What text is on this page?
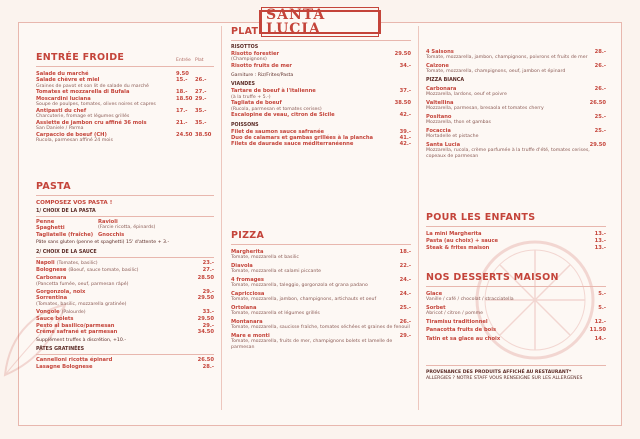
SANTA LUCIA
ENTRÉE FROIDE	Entrée Plat
Salade du marché	9.50
Salade chèvre et miel	15.-	26.-
Graines de pavot et son lit de salade du marché
Tomates et mozzarella di Bufala	18.-	27.-
Moscardini luciana	18.50 29.-
Soupe de poulpes, tomates, olives noires et capres
Antipasti du chef	17.-	35.-
Charcuterie, fromage et légumes grillés
Assiette de jambon cru affiné 36 mois	21.-	35.-
San Daniele / Parma
Carpaccio de boeuf (CH)	24.50 38.50
Rucola, parmesan affiné 24 mois
PASTA
COMPOSEZ VOS PASTA !
1/ CHOIX DE LA PASTA
Penne	Ravioli
Spaghetti	(Farcie ricotta, épinards)
Tagliatelle (fraîche) Gnocchis
Pâte sans gluten (penne et spaghetti) 15' d'attente + 3.-
2/ CHOIX DE LA SAUCE
Napoli (Tomates, basilic)	23.-
Bolognese (Boeuf, sauce tomate, basilic)	27.-
Carbonara	28.50
(Pancetta fumée, oeuf, parmesan râpé)
Gorgonzola, noix	29.-
Sorrentina	29.50
(Tomates, basilic, mozzarella gratinée)
Vongole (Palourde)	33.-
Sauce bolets	29.50
Pesto al basilico/parmesan	29.-
Crème safrané et parmesan	34.50
Supplément truffes à discrétion, +10.-
PÂTES GRATINÉES
Cannelloni ricotta épinard	26.50
Lasagne Bolognese	28.-
PLAT
RISOTTOS
Risotto forestier	29.50
(Champignons)
Risotto fruits de mer	34.-
Garniture : Riz/Frites/Pasta
VIANDES
Tartare de boeuf à l'italienne	37.-
(à la truffe + 5.-)
Tagliata de boeuf	38.50
(Rucola, parmesan et tomates cerises)
Escalopine de veau, citron de Sicile	42.-
POISSONS
Filet de saumon sauce safranée	39.-
Duo de calamars et gambas grillées à la plancha	41.-
Filets de daurade sauce méditerranéenne	42.-
PIZZA
Margherita	18.-
Tomate, mozzarella et basilic
Diavola	22.-
Tomate, mozzarella et salami piccante
4 fromages	24.-
Tomate, mozzarella, taleggio, gorgonzola et grana padano
Capricciosa	24.-
Tomate, mozzarella, jambon, champignons, artichauts et oeuf
Ortolana	25.-
Tomate, mozzarella et légumes grillés
Montanara	26.-
Tomate, mozzarella, saucisse fraîche, tomates séchées et graines de fenouil
Mare e monti	29.-
Tomate, mozzarella, fruits de mer, champignons bolets et lamelle de parmesan
4 Saisons	28.-
Tomate, mozzarella, jambon, champignons, poivrons et fruits de mer
Calzone	26.-
Tomate, mozzarella, champignons, oeuf, jambon et épinard
PIZZA BIANCA
Carbonara	26.-
Mozzarella, lardons, oeuf et poivre
Valtellina	26.50
Mozzarella, parmesan, bresaola et tomates cherry
Positano	25.-
Mozzarella, thon et gambas
Focaccia	25.-
Mortadelle et pistache
Santa Lucia	29.50
Mozzarella, rucola, crème parfumée à la truffe d'été, tomates cerises, copeaux de parmesan
POUR LES ENFANTS
La mini Margherita	13.-
Pasta (au choix) + sauce	13.-
Steak & frites maison	13.-
NOS DESSERTS MAISON
Glace	5.-
Vanille / café / chocolat / stracciatella
Sorbet	5.-
Abricot / citron / pomme
Tiramisu traditionnel	12.-
Panacotta fruits de bois	11.50
Tatin et sa glace au choix	14.-
PROVENANCE DES PRODUITS AFFICHÉ AU RESTAURANT*
ALLERGIES ? NOTRE STAFF VOUS RENSEIGNE SUR LES ALLERGENES
